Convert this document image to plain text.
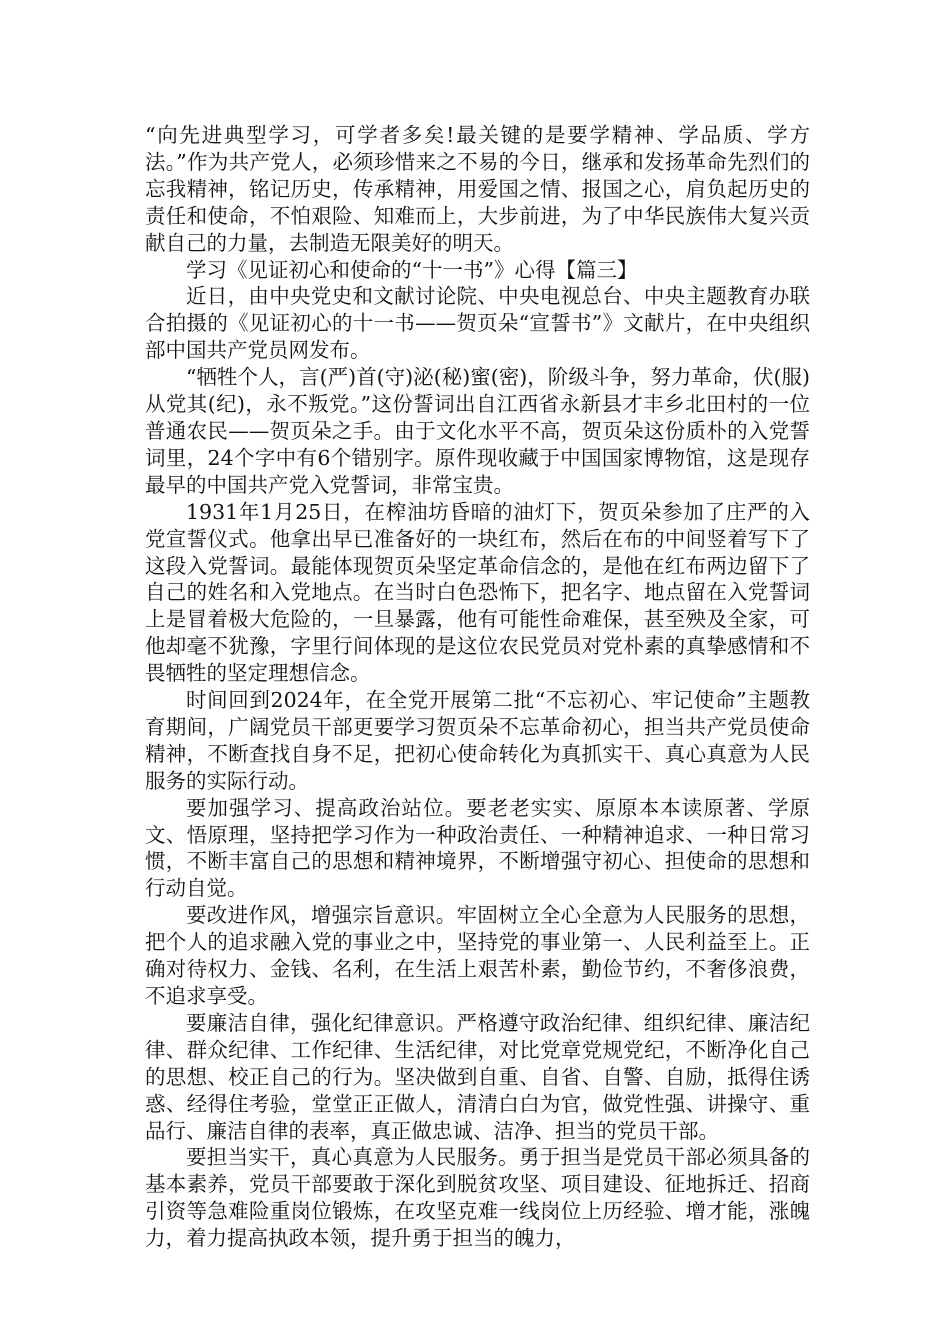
“向先进典型学习，可学者多矣!最关键的是要学精神、学品质、学方法。”作为共产党人，必须珍惜来之不易的今日，继承和发扬革命先烈们的忘我精神，铭记历史，传承精神，用爱国之情、报国之心，肩负起历史的责任和使命，不怕艰险、知难而上，大步前进，为了中华民族伟大复兴贡献自己的力量，去制造无限美好的明天。

学习《见证初心和使命的“十一书”》心得【篇三】

近日，由中央党史和文献讨论院、中央电视总台、中央主题教育办联合拍摄的《见证初心的十一书——贺页朵“宣誓书”》文献片，在中央组织部中国共产党员网发布。

“牺牲个人，言(严)首(守)泌(秘)蜜(密)，阶级斗争，努力革命，伏(服)从党其(纪)，永不叛党。”这份誓词出自江西省永新县才丰乡北田村的一位普通农民——贺页朵之手。由于文化水平不高，贺页朵这份质朴的入党誓词里，24个字中有6个错别字。原件现收藏于中国国家博物馆，这是现存最早的中国共产党入党誓词，非常宝贵。

1931年1月25日，在榨油坊昏暗的油灯下，贺页朵参加了庄严的入党宣誓仪式。他拿出早已准备好的一块红布，然后在布的中间竖着写下了这段入党誓词。最能体现贺页朵坚定革命信念的，是他在红布两边留下了自己的姓名和入党地点。在当时白色恐怖下，把名字、地点留在入党誓词上是冒着极大危险的，一旦暴露，他有可能性命难保，甚至殃及全家，可他却毫不犹豫，字里行间体现的是这位农民党员对党朴素的真挚感情和不畏牺牲的坚定理想信念。

时间回到2024年，在全党开展第二批“不忘初心、牢记使命”主题教育期间，广阔党员干部更要学习贺页朵不忘革命初心，担当共产党员使命精神，不断查找自身不足，把初心使命转化为真抓实干、真心真意为人民服务的实际行动。

要加强学习、提高政治站位。要老老实实、原原本本读原著、学原文、悟原理，坚持把学习作为一种政治责任、一种精神追求、一种日常习惯，不断丰富自己的思想和精神境界，不断增强守初心、担使命的思想和行动自觉。

要改进作风，增强宗旨意识。牢固树立全心全意为人民服务的思想，把个人的追求融入党的事业之中，坚持党的事业第一、人民利益至上。正确对待权力、金钱、名利，在生活上艰苦朴素，勤俭节约，不奢侈浪费，不追求享受。

要廉洁自律，强化纪律意识。严格遵守政治纪律、组织纪律、廉洁纪律、群众纪律、工作纪律、生活纪律，对比党章党规党纪，不断净化自己的思想、校正自己的行为。坚决做到自重、自省、自警、自励，抵得住诱惑、经得住考验，堂堂正正做人，清清白白为官，做党性强、讲操守、重品行、廉洁自律的表率，真正做忠诚、洁净、担当的党员干部。

要担当实干，真心真意为人民服务。勇于担当是党员干部必须具备的基本素养，党员干部要敢于深化到脱贫攻坚、项目建设、征地拆迁、招商引资等急难险重岗位锻炼，在攻坚克难一线岗位上历经验、增才能，涨魄力，着力提高执政本领，提升勇于担当的魄力，
